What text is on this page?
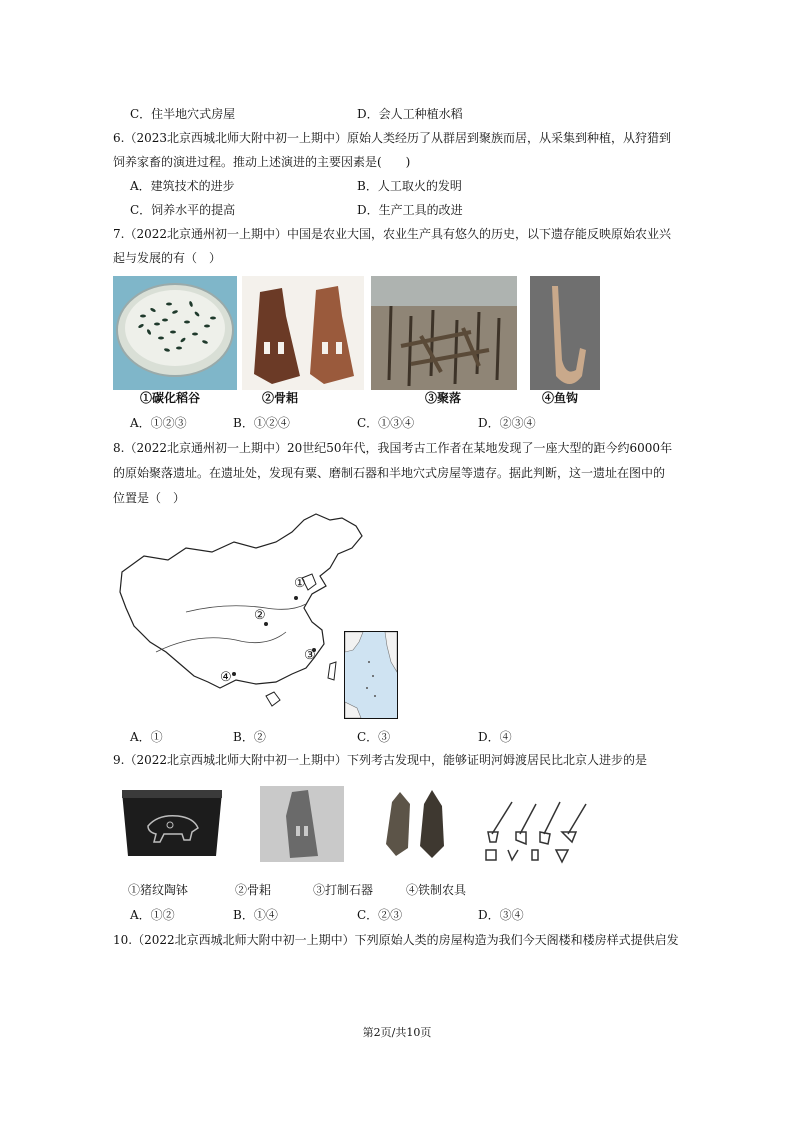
C．住半地穴式房屋	D．会人工种植水稻
6.（2023北京西城北师大附中初一上期中）原始人类经历了从群居到聚族而居，从采集到种植，从狩猎到
饲养家畜的演进过程。推动上述演进的主要因素是(　　)
A．建筑技术的进步	B．人工取火的发明
C．饲养水平的提高	D．生产工具的改进
7.（2022北京通州初一上期中）中国是农业大国，农业生产具有悠久的历史，以下遗存能反映原始农业兴
起与发展的有（　）
①碳化稻谷	②骨耜	③聚落	④鱼钩
A．①②③	B．①②④	C．①③④	D．②③④
8.（2022北京通州初一上期中）20世纪50年代，我国考古工作者在某地发现了一座大型的距今约6000年
的原始聚落遗址。在遗址处，发现有粟、磨制石器和半地穴式房屋等遗存。据此判断，这一遗址在图中的
位置是（　）
①
②
③
④
A．①	B．②	C．③	D．④
9.（2022北京西城北师大附中初一上期中）下列考古发现中，能够证明河姆渡居民比北京人进步的是
①猪纹陶钵	②骨耜	③打制石器	④铁制农具
A．①②	B．①④	C．②③	D．③④
10.（2022北京西城北师大附中初一上期中）下列原始人类的房屋构造为我们今天阁楼和楼房样式提供启发
第2页/共10页
